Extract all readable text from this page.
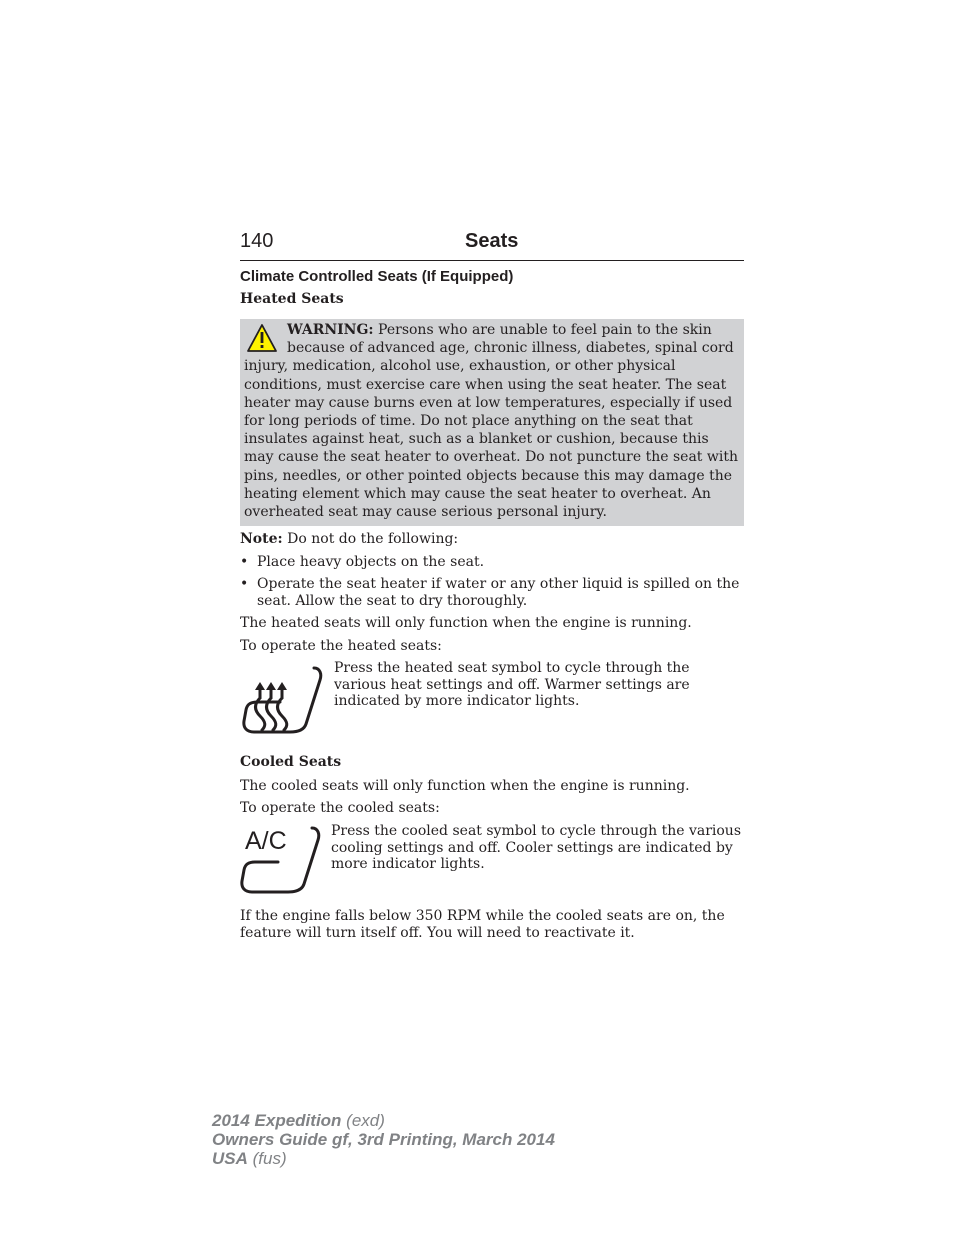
140	Seats
Climate Controlled Seats (If Equipped)
Heated Seats
WARNING: Persons who are unable to feel pain to the skin because of advanced age, chronic illness, diabetes, spinal cord injury, medication, alcohol use, exhaustion, or other physical conditions, must exercise care when using the seat heater. The seat heater may cause burns even at low temperatures, especially if used for long periods of time. Do not place anything on the seat that insulates against heat, such as a blanket or cushion, because this may cause the seat heater to overheat. Do not puncture the seat with pins, needles, or other pointed objects because this may damage the heating element which may cause the seat heater to overheat. An overheated seat may cause serious personal injury.
Note: Do not do the following:
• Place heavy objects on the seat.
• Operate the seat heater if water or any other liquid is spilled on the seat. Allow the seat to dry thoroughly.
The heated seats will only function when the engine is running.
To operate the heated seats:
Press the heated seat symbol to cycle through the various heat settings and off. Warmer settings are indicated by more indicator lights.
Cooled Seats
The cooled seats will only function when the engine is running.
To operate the cooled seats:
A/C	Press the cooled seat symbol to cycle through the various cooling settings and off. Cooler settings are indicated by more indicator lights.
If the engine falls below 350 RPM while the cooled seats are on, the feature will turn itself off. You will need to reactivate it.
2014 Expedition (exd)
Owners Guide gf, 3rd Printing, March 2014
USA (fus)
